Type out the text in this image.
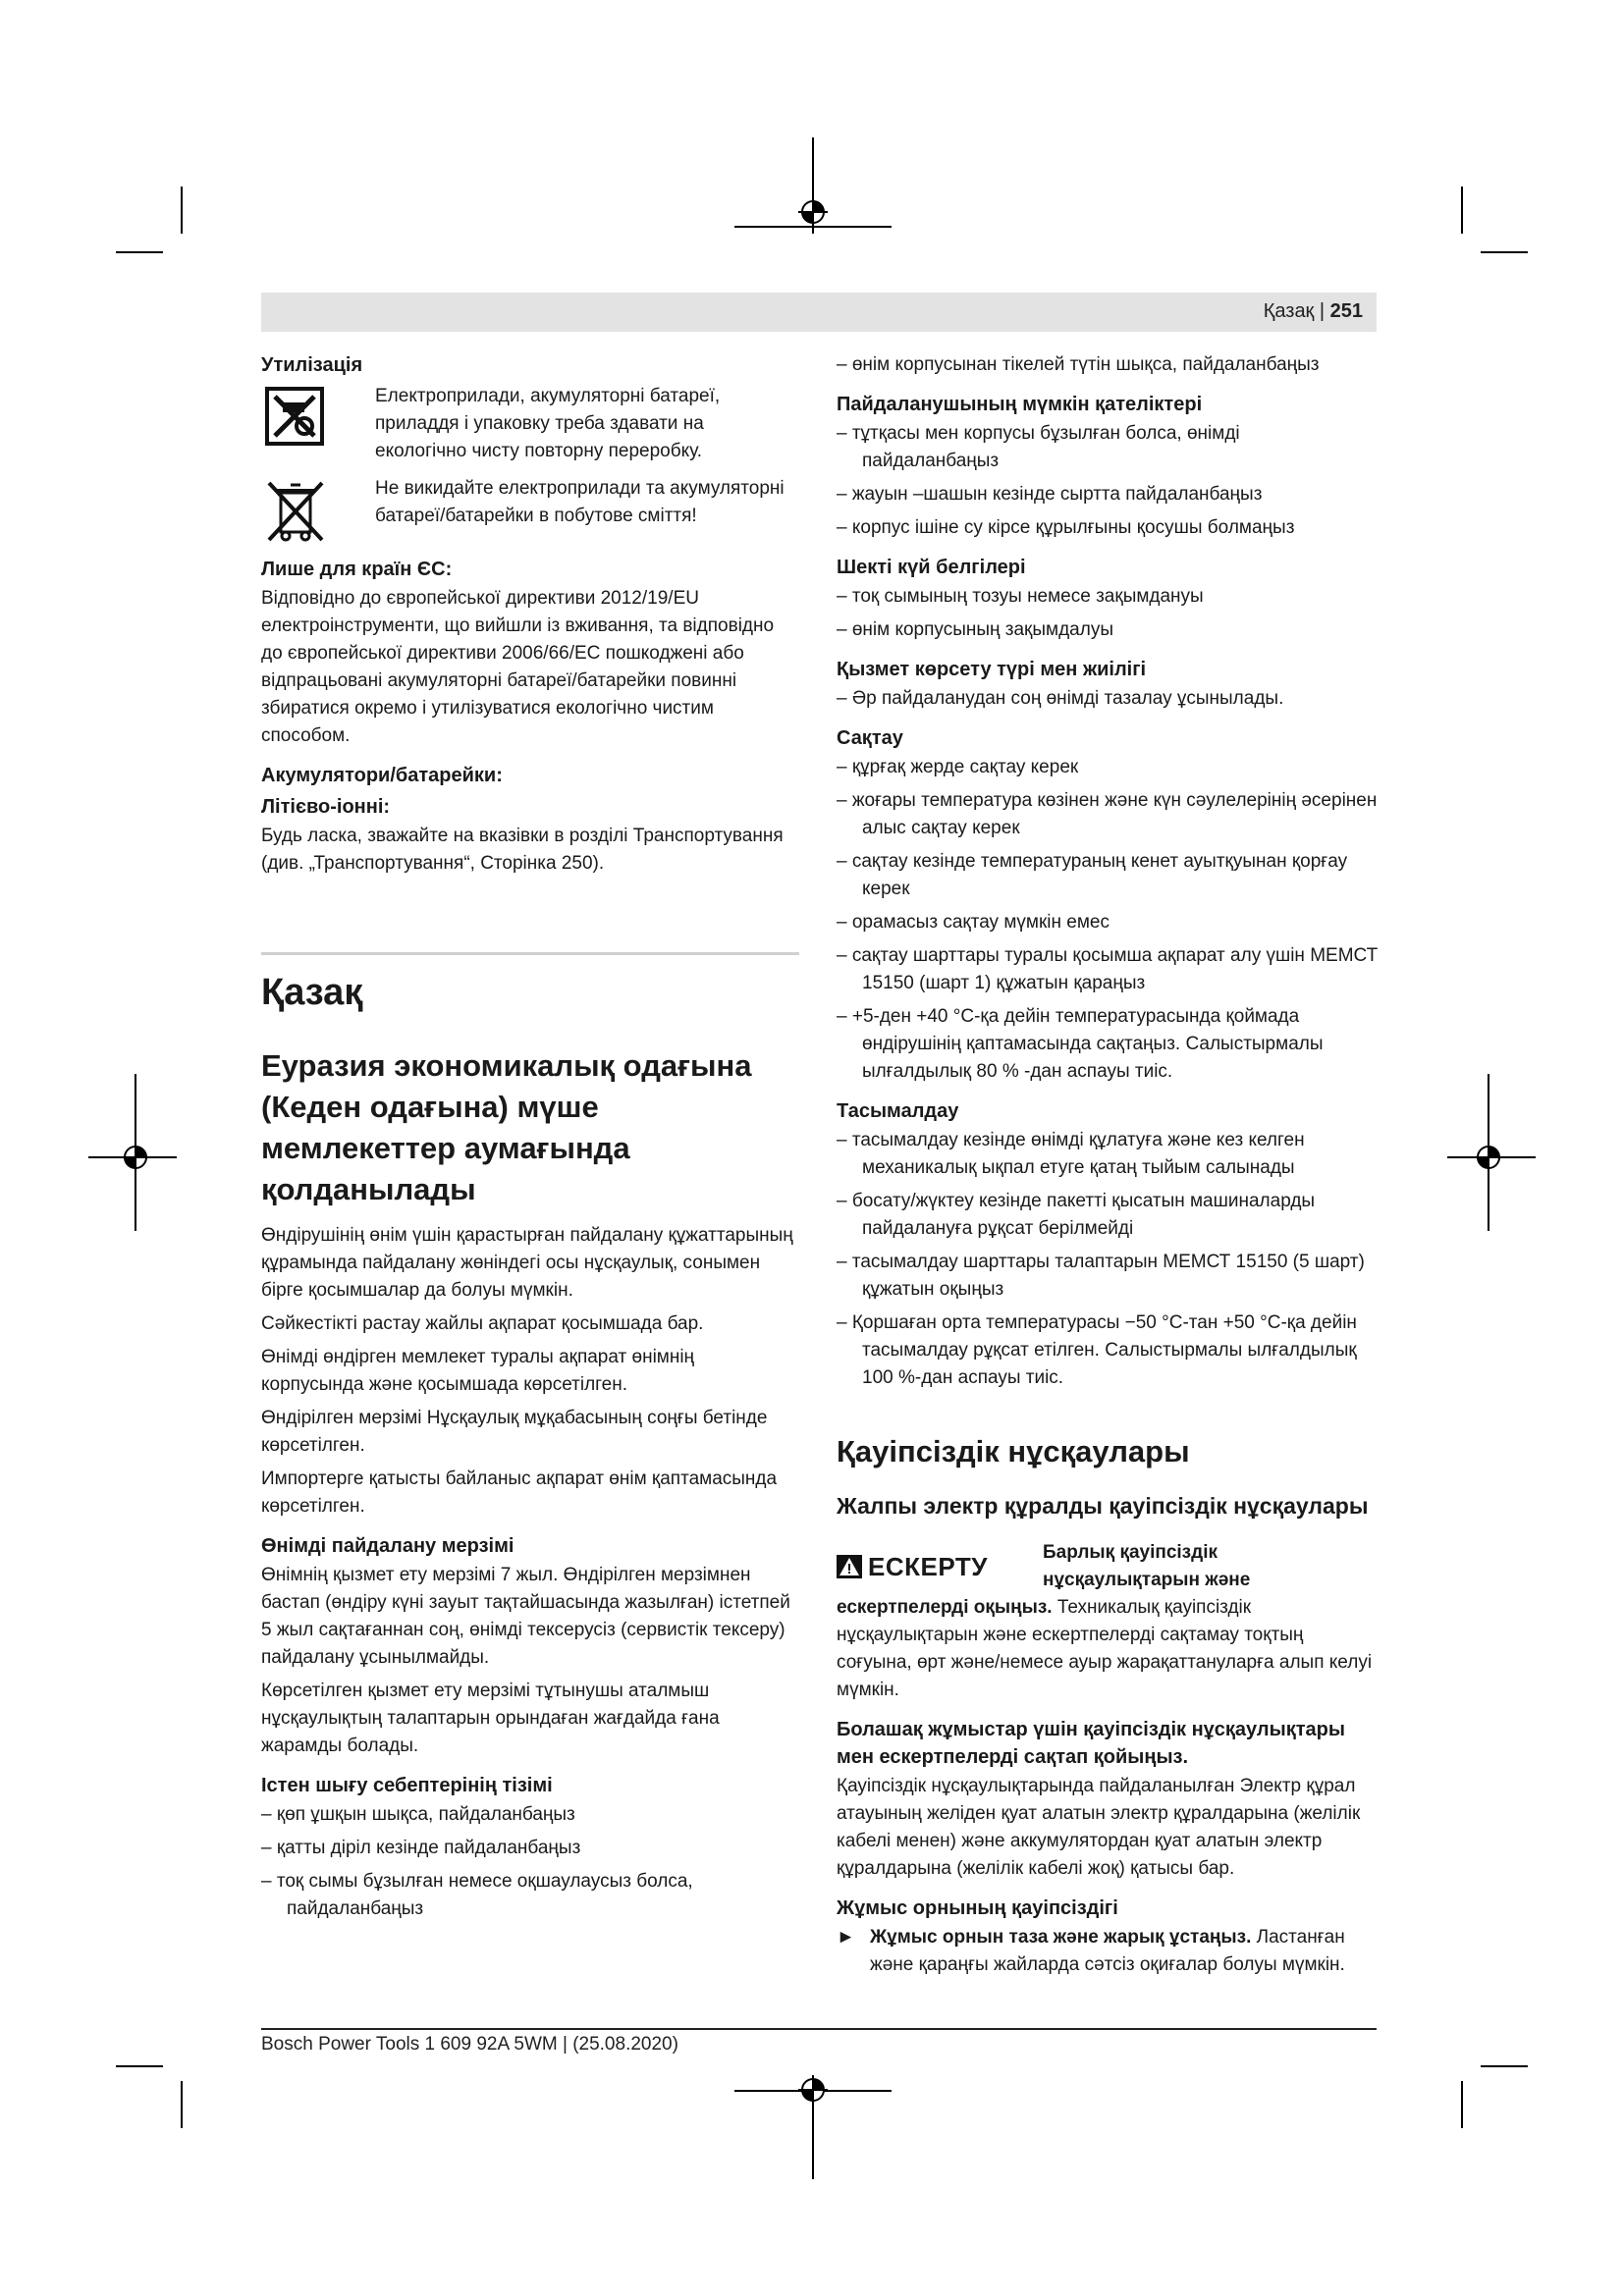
Қазақ | 251
Утилізація
Електроприлади, акумуляторні батареї, приладдя і упаковку треба здавати на екологічно чисту повторну переробку.
Не викидайте електроприлади та акумуляторні батареї/батарейки в побутове сміття!
Лише для країн ЄС:

Відповідно до європейської директиви 2012/19/EU електроінструменти, що вийшли із вживання, та відповідно до європейської директиви 2006/66/EC пошкоджені або відпрацьовані акумуляторні батареї/батарейки повинні збиратися окремо і утилізуватися екологічно чистим способом.

Акумулятори/батарейки:
Літієво-іонні:

Будь ласка, зважайте на вказівки в розділі Транспортування (див. „Транспортування“, Сторінка 250).

Қазақ
Еуразия экономикалық одағына (Кеден одағына) мүше мемлекеттер аумағында қолданылады

Өндірушінің өнім үшін қарастырған пайдалану құжаттарының құрамында пайдалану жөніндегі осы нұсқаулық, сонымен бірге қосымшалар да болуы мүмкін.

Сәйкестікті растау жайлы ақпарат қосымшада бар.

Өнімді өндірген мемлекет туралы ақпарат өнімнің корпусында және қосымшада көрсетілген.

Өндірілген мерзімі Нұсқаулық мұқабасының соңғы бетінде көрсетілген.

Импортерге қатысты байланыс ақпарат өнім қаптамасында көрсетілген.

Өнімді пайдалану мерзімі

Өнімнің қызмет ету мерзімі 7 жыл. Өндірілген мерзімнен бастап (өндіру күні зауыт тақтайшасында жазылған) істетпей 5 жыл сақтағаннан соң, өнімді тексерусіз (сервистік тексеру) пайдалану ұсынылмайды.

Көрсетілген қызмет ету мерзімі тұтынушы аталмыш нұсқаулықтың талаптарын орындаған жағдайда ғана жарамды болады.

Істен шығу себептерінің тізімі

– қөп ұшқын шықса, пайдаланбаңыз

– қатты діріл кезінде пайдаланбаңыз

– тоқ сымы бұзылған немесе оқшаулаусыз болса, пайдаланбаңыз

– өнім корпусынан тікелей түтін шықса, пайдаланбаңыз

Пайдаланушының мүмкін қателіктері

– тұтқасы мен корпусы бұзылған болса, өнімді пайдаланбаңыз

– жауын –шашын кезінде сыртта пайдаланбаңыз

– корпус ішіне су кірсе құрылғыны қосушы болмаңыз

Шекті күй белгілері

– тоқ сымының тозуы немесе зақымдануы

– өнім корпусының зақымдалуы

Қызмет көрсету түрі мен жиілігі

– Әр пайдаланудан соң өнімді тазалау ұсынылады.

Сақтау

– құрғақ жерде сақтау керек

– жоғары температура көзінен және күн сәулелерінің әсерінен алыс сақтау керек

– сақтау кезінде температураның кенет ауытқуынан қорғау керек

– орамасыз сақтау мүмкін емес

– сақтау шарттары туралы қосымша ақпарат алу үшін МЕМСТ 15150 (шарт 1) құжатын қараңыз

– +5-ден +40 °C-қа дейін температурасында қоймада өндірушінің қаптамасында сақтаңыз. Салыстырмалы ылғалдылық 80 % -дан аспауы тиіс.

Тасымалдау

– тасымалдау кезінде өнімді құлатуға және кез келген механикалық ықпал етуге қатаң тыйым салынады

– босату/жүктеу кезінде пакетті қысатын машиналарды пайдалануға рұқсат берілмейді

– тасымалдау шарттары талаптарын МЕМСТ 15150 (5 шарт) құжатын оқыңыз

– Қоршаған орта температурасы −50 °C-тан +50 °C-қа дейін тасымалдау рұқсат етілген. Салыстырмалы ылғалдылық 100 %-дан аспауы тиіс.

Қауіпсіздік нұсқаулары
Жалпы электр құралды қауіпсіздік нұсқаулары
ЕСКЕРТУ	Барлық қауіпсіздік нұсқаулықтарын және

ескертпелерді оқыңыз. Техникалық қауіпсіздік нұсқаулықтарын және ескертпелерді сақтамау тоқтың соғуына, өрт және/немесе ауыр жарақаттануларға алып келуі мүмкін.

Болашақ жұмыстар үшін қауіпсіздік нұсқаулықтары мен ескертпелерді сақтап қойыңыз.

Қауіпсіздік нұсқаулықтарында пайдаланылған Электр құрал атауының желіден қуат алатын электр құралдарына (желілік кабелі менен) және аккумулятордан қуат алатын электр құралдарына (желілік кабелі жоқ) қатысы бар.

Жұмыс орнының қауіпсіздігі
► Жұмыс орнын таза және жарық ұстаңыз. Ластанған және қараңғы жайларда сәтсіз оқиғалар болуы мүмкін.
Bosch Power Tools 1 609 92A 5WM | (25.08.2020)
